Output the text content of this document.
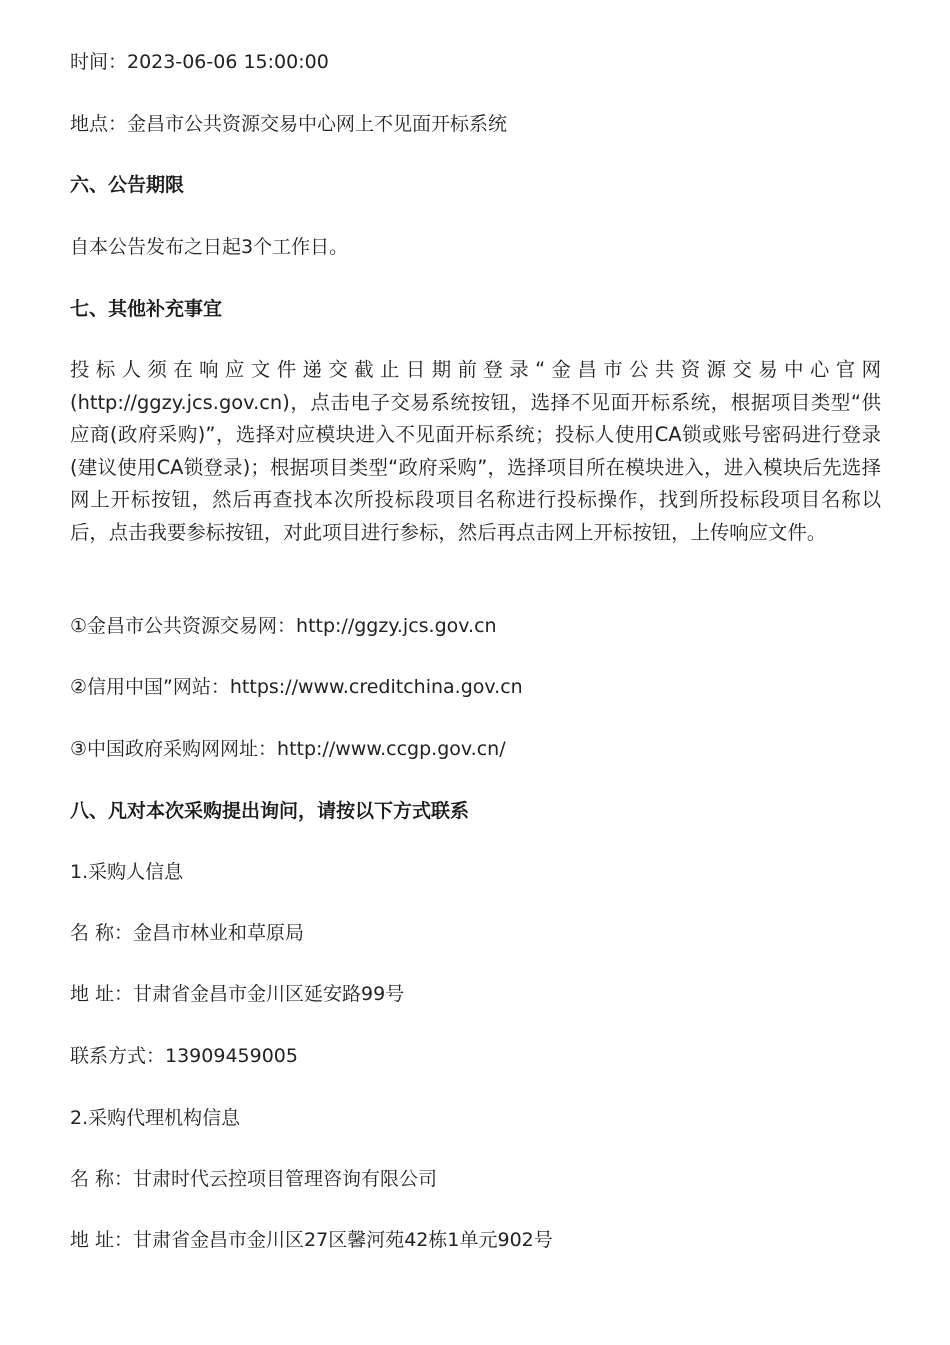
时间：2023-06-06 15:00:00
地点：金昌市公共资源交易中心网上不见面开标系统
六、公告期限
自本公告发布之日起3个工作日。
七、其他补充事宜
投标人须在响应文件递交截止日期前登录“金昌市公共资源交易中心官网(http://ggzy.jcs.gov.cn)，点击电子交易系统按钮，选择不见面开标系统，根据项目类型“供应商(政府采购)”，选择对应模块进入不见面开标系统；投标人使用CA锁或账号密码进行登录(建议使用CA锁登录)；根据项目类型“政府采购”，选择项目所在模块进入，进入模块后先选择网上开标按钮，然后再查找本次所投标段项目名称进行投标操作，找到所投标段项目名称以后，点击我要参标按钮，对此项目进行参标，然后再点击网上开标按钮，上传响应文件。
①金昌市公共资源交易网：http://ggzy.jcs.gov.cn
②信用中国”网站：https://www.creditchina.gov.cn
③中国政府采购网网址：http://www.ccgp.gov.cn/
八、凡对本次采购提出询问，请按以下方式联系
1.采购人信息
名 称：金昌市林业和草原局
地 址：甘肃省金昌市金川区延安路99号
联系方式：13909459005
2.采购代理机构信息
名 称：甘肃时代云控项目管理咨询有限公司
地 址：甘肃省金昌市金川区27区馨河苑42栋1单元902号
